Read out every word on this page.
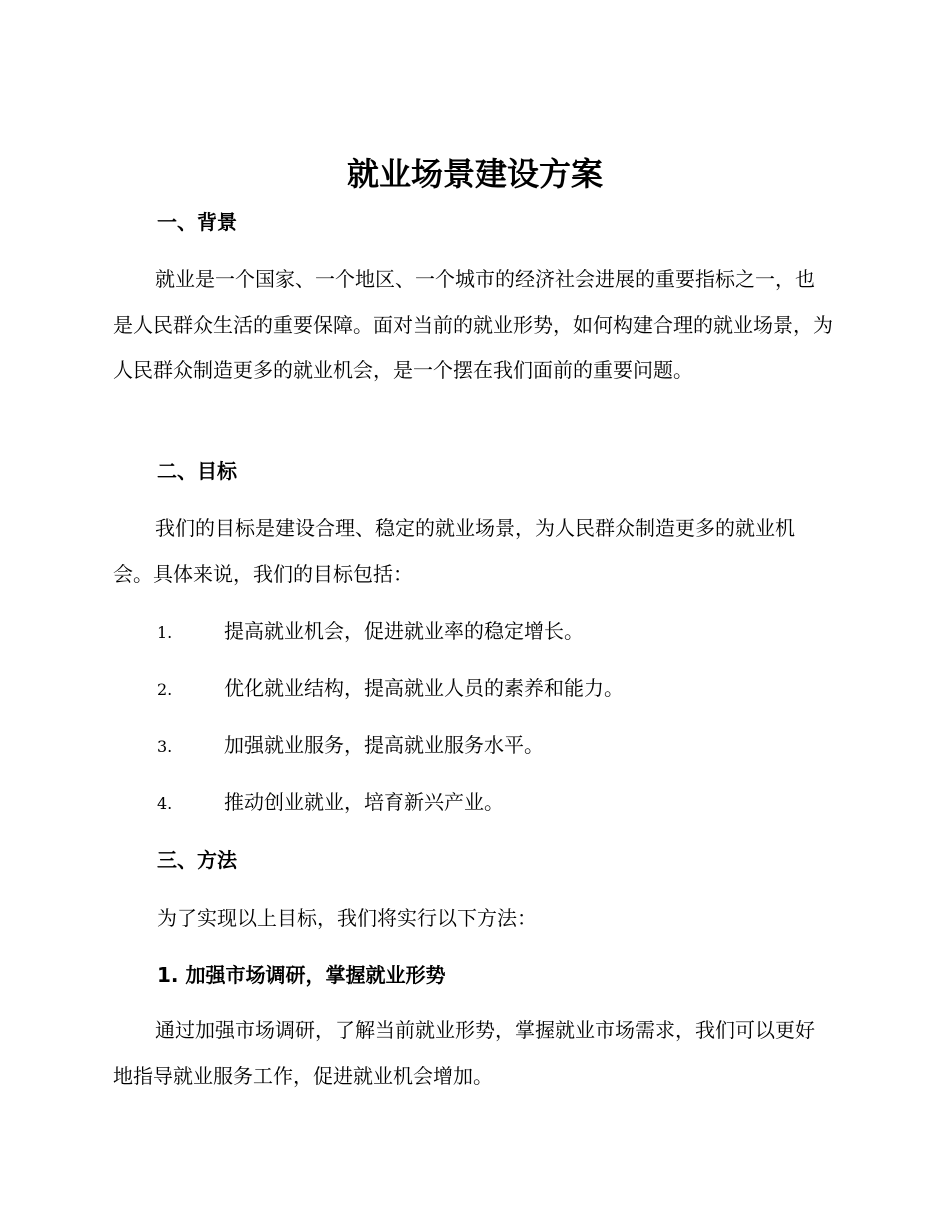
就业场景建设方案
一、背景

就业是一个国家、一个地区、一个城市的经济社会进展的重要指标之一，也是人民群众生活的重要保障。面对当前的就业形势，如何构建合理的就业场景，为人民群众制造更多的就业机会，是一个摆在我们面前的重要问题。

二、目标

我们的目标是建设合理、稳定的就业场景，为人民群众制造更多的就业机会。具体来说，我们的目标包括：

1.	提高就业机会，促进就业率的稳定增长。
2.	优化就业结构，提高就业人员的素养和能力。
3.	加强就业服务，提高就业服务水平。
4.	推动创业就业，培育新兴产业。
三、方法
为了实现以上目标，我们将实行以下方法：
1. 加强市场调研，掌握就业形势

通过加强市场调研，了解当前就业形势，掌握就业市场需求，我们可以更好地指导就业服务工作，促进就业机会增加。
